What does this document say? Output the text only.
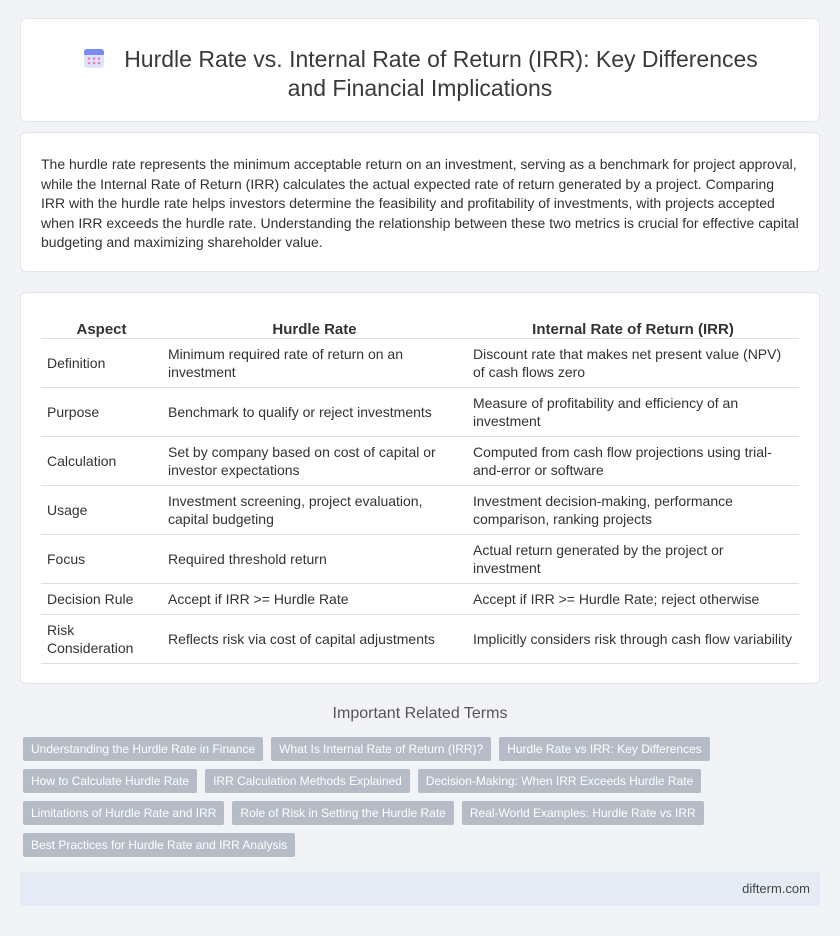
Hurdle Rate vs. Internal Rate of Return (IRR): Key Differences and Financial Implications

The hurdle rate represents the minimum acceptable return on an investment, serving as a benchmark for project approval, while the Internal Rate of Return (IRR) calculates the actual expected rate of return generated by a project. Comparing IRR with the hurdle rate helps investors determine the feasibility and profitability of investments, with projects accepted when IRR exceeds the hurdle rate. Understanding the relationship between these two metrics is crucial for effective capital budgeting and maximizing shareholder value.

Aspect	Hurdle Rate	Internal Rate of Return (IRR)
Definition	Minimum required rate of return on an investment	Discount rate that makes net present value (NPV) of cash flows zero
Purpose	Benchmark to qualify or reject investments	Measure of profitability and efficiency of an investment
Calculation	Set by company based on cost of capital or investor expectations	Computed from cash flow projections using trial-and-error or software
Usage	Investment screening, project evaluation, capital budgeting	Investment decision-making, performance comparison, ranking projects
Focus	Required threshold return	Actual return generated by the project or investment
Decision Rule	Accept if IRR >= Hurdle Rate	Accept if IRR >= Hurdle Rate; reject otherwise
Risk Consideration	Reflects risk via cost of capital adjustments	Implicitly considers risk through cash flow variability
Important Related Terms
Understanding the Hurdle Rate in Finance	What Is Internal Rate of Return (IRR)?	Hurdle Rate vs IRR: Key Differences
How to Calculate Hurdle Rate	IRR Calculation Methods Explained	Decision-Making: When IRR Exceeds Hurdle Rate
Limitations of Hurdle Rate and IRR	Role of Risk in Setting the Hurdle Rate	Real-World Examples: Hurdle Rate vs IRR
Best Practices for Hurdle Rate and IRR Analysis
difterm.com
